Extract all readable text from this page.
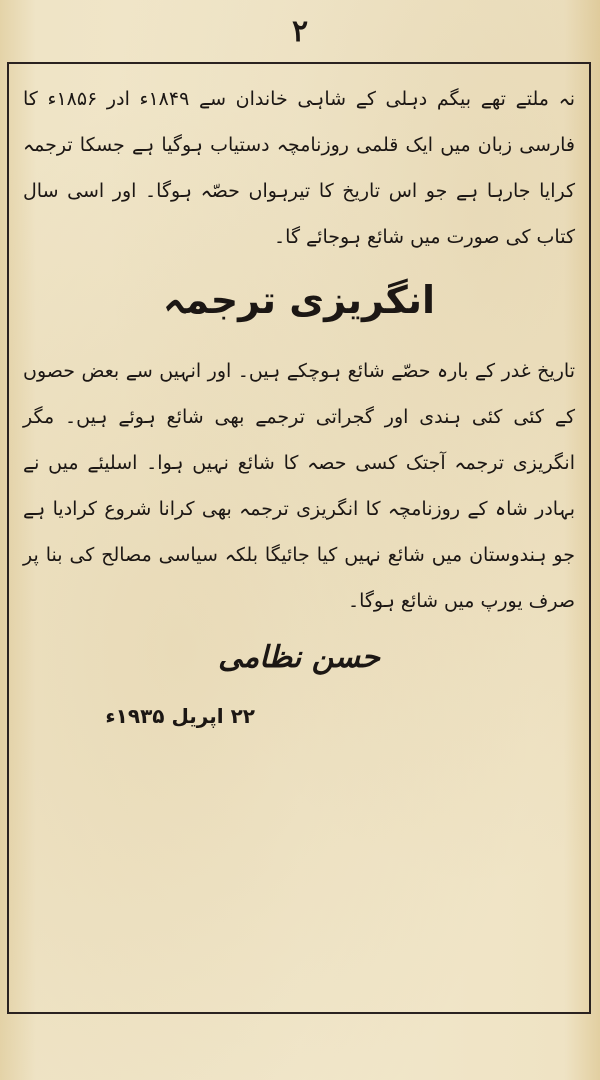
۲

نہ ملتے تھے بیگم دہلی کے شاہی خاندان سے ۱۸۴۹ء ادر ۱۸۵۶ء کا فارسی زبان میں ایک قلمی روزنامچہ دستیاب ہوگیا ہے جسکا ترجمہ کرایا جارہا ہے جو اس تاریخ کا تیرہواں حصّہ ہوگا۔ اور اسی سال کتاب کی صورت میں شائع ہوجائے گا۔

انگریزی ترجمہ

تاریخ غدر کے بارہ حصّے شائع ہوچکے ہیں۔ اور انہیں سے بعض حصوں کے کئی کئی ہندی اور گجراتی ترجمے بھی شائع ہوئے ہیں۔ مگر انگریزی ترجمہ آجتک کسی حصہ کا شائع نہیں ہوا۔ اسلیئے میں نے بہادر شاہ کے روزنامچہ کا انگریزی ترجمہ بھی کرانا شروع کرادیا ہے جو ہندوستان میں شائع نہیں کیا جائیگا بلکہ سیاسی مصالح کی بنا پر صرف یورپ میں شائع ہوگا۔

حسن نظامی
۲۲ اپریل ۱۹۳۵ء
